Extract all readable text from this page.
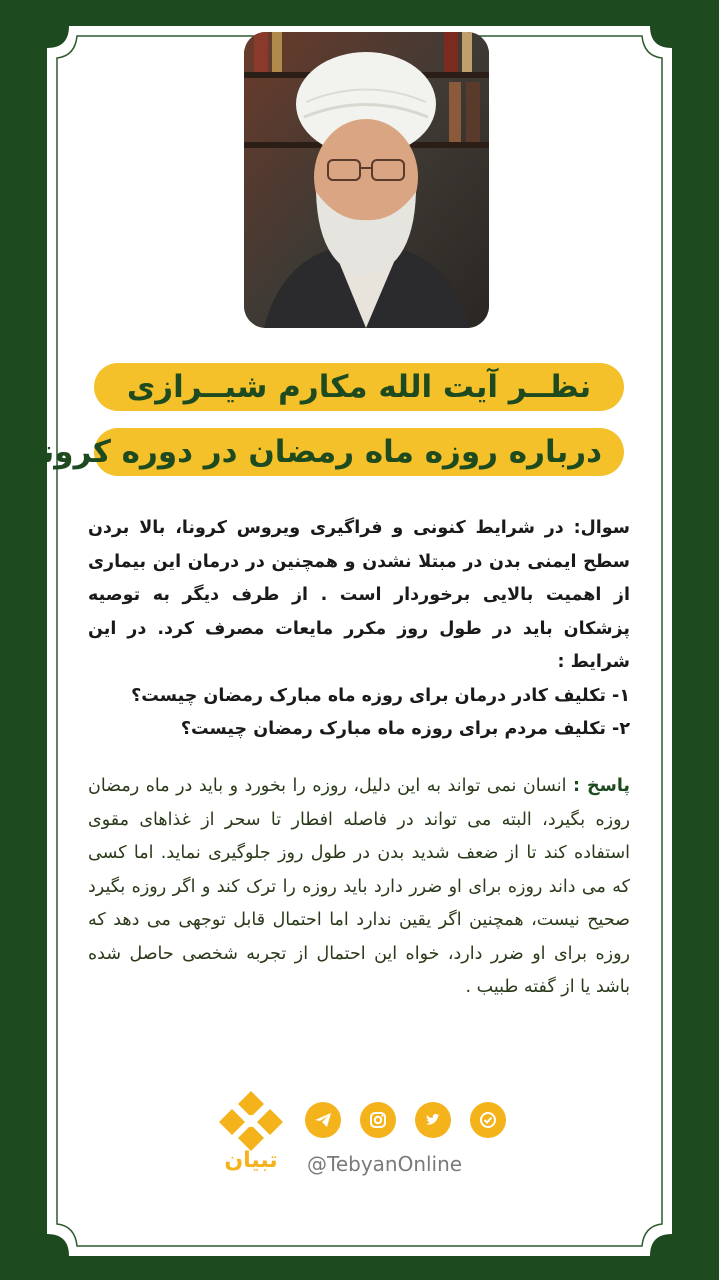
نظــر آیت الله مکارم شیــرازی
درباره روزه ماه رمضان در دوره کرونا

سوال: در شرایط کنونی و فراگیری ویروس کرونا، بالا بردن سطح ایمنی بدن در مبتلا نشدن و همچنین در درمان این بیماری از اهمیت بالایی برخوردار است . از طرف دیگر به توصیه پزشکان باید در طول روز مکرر مایعات مصرف کرد. در این شرایط :

۱- تکلیف کادر درمان برای روزه ماه مبارک رمضان چیست؟

۲- تکلیف مردم برای روزه ماه مبارک رمضان چیست؟

پاسخ : انسان نمی تواند به این دلیل، روزه را بخورد و باید در ماه رمضان روزه بگیرد، البته می تواند در فاصله افطار تا سحر از غذاهای مقوی استفاده کند تا از ضعف شدید بدن در طول روز جلوگیری نماید. اما کسی که می داند روزه برای او ضرر دارد باید روزه را ترک کند و اگر روزه بگیرد صحیح نیست، همچنین اگر یقین ندارد اما احتمال قابل توجهی می دهد که روزه برای او ضرر دارد، خواه این احتمال از تجربه شخصی حاصل شده باشد یا از گفته طبیب .
تبیان	@TebyanOnline
